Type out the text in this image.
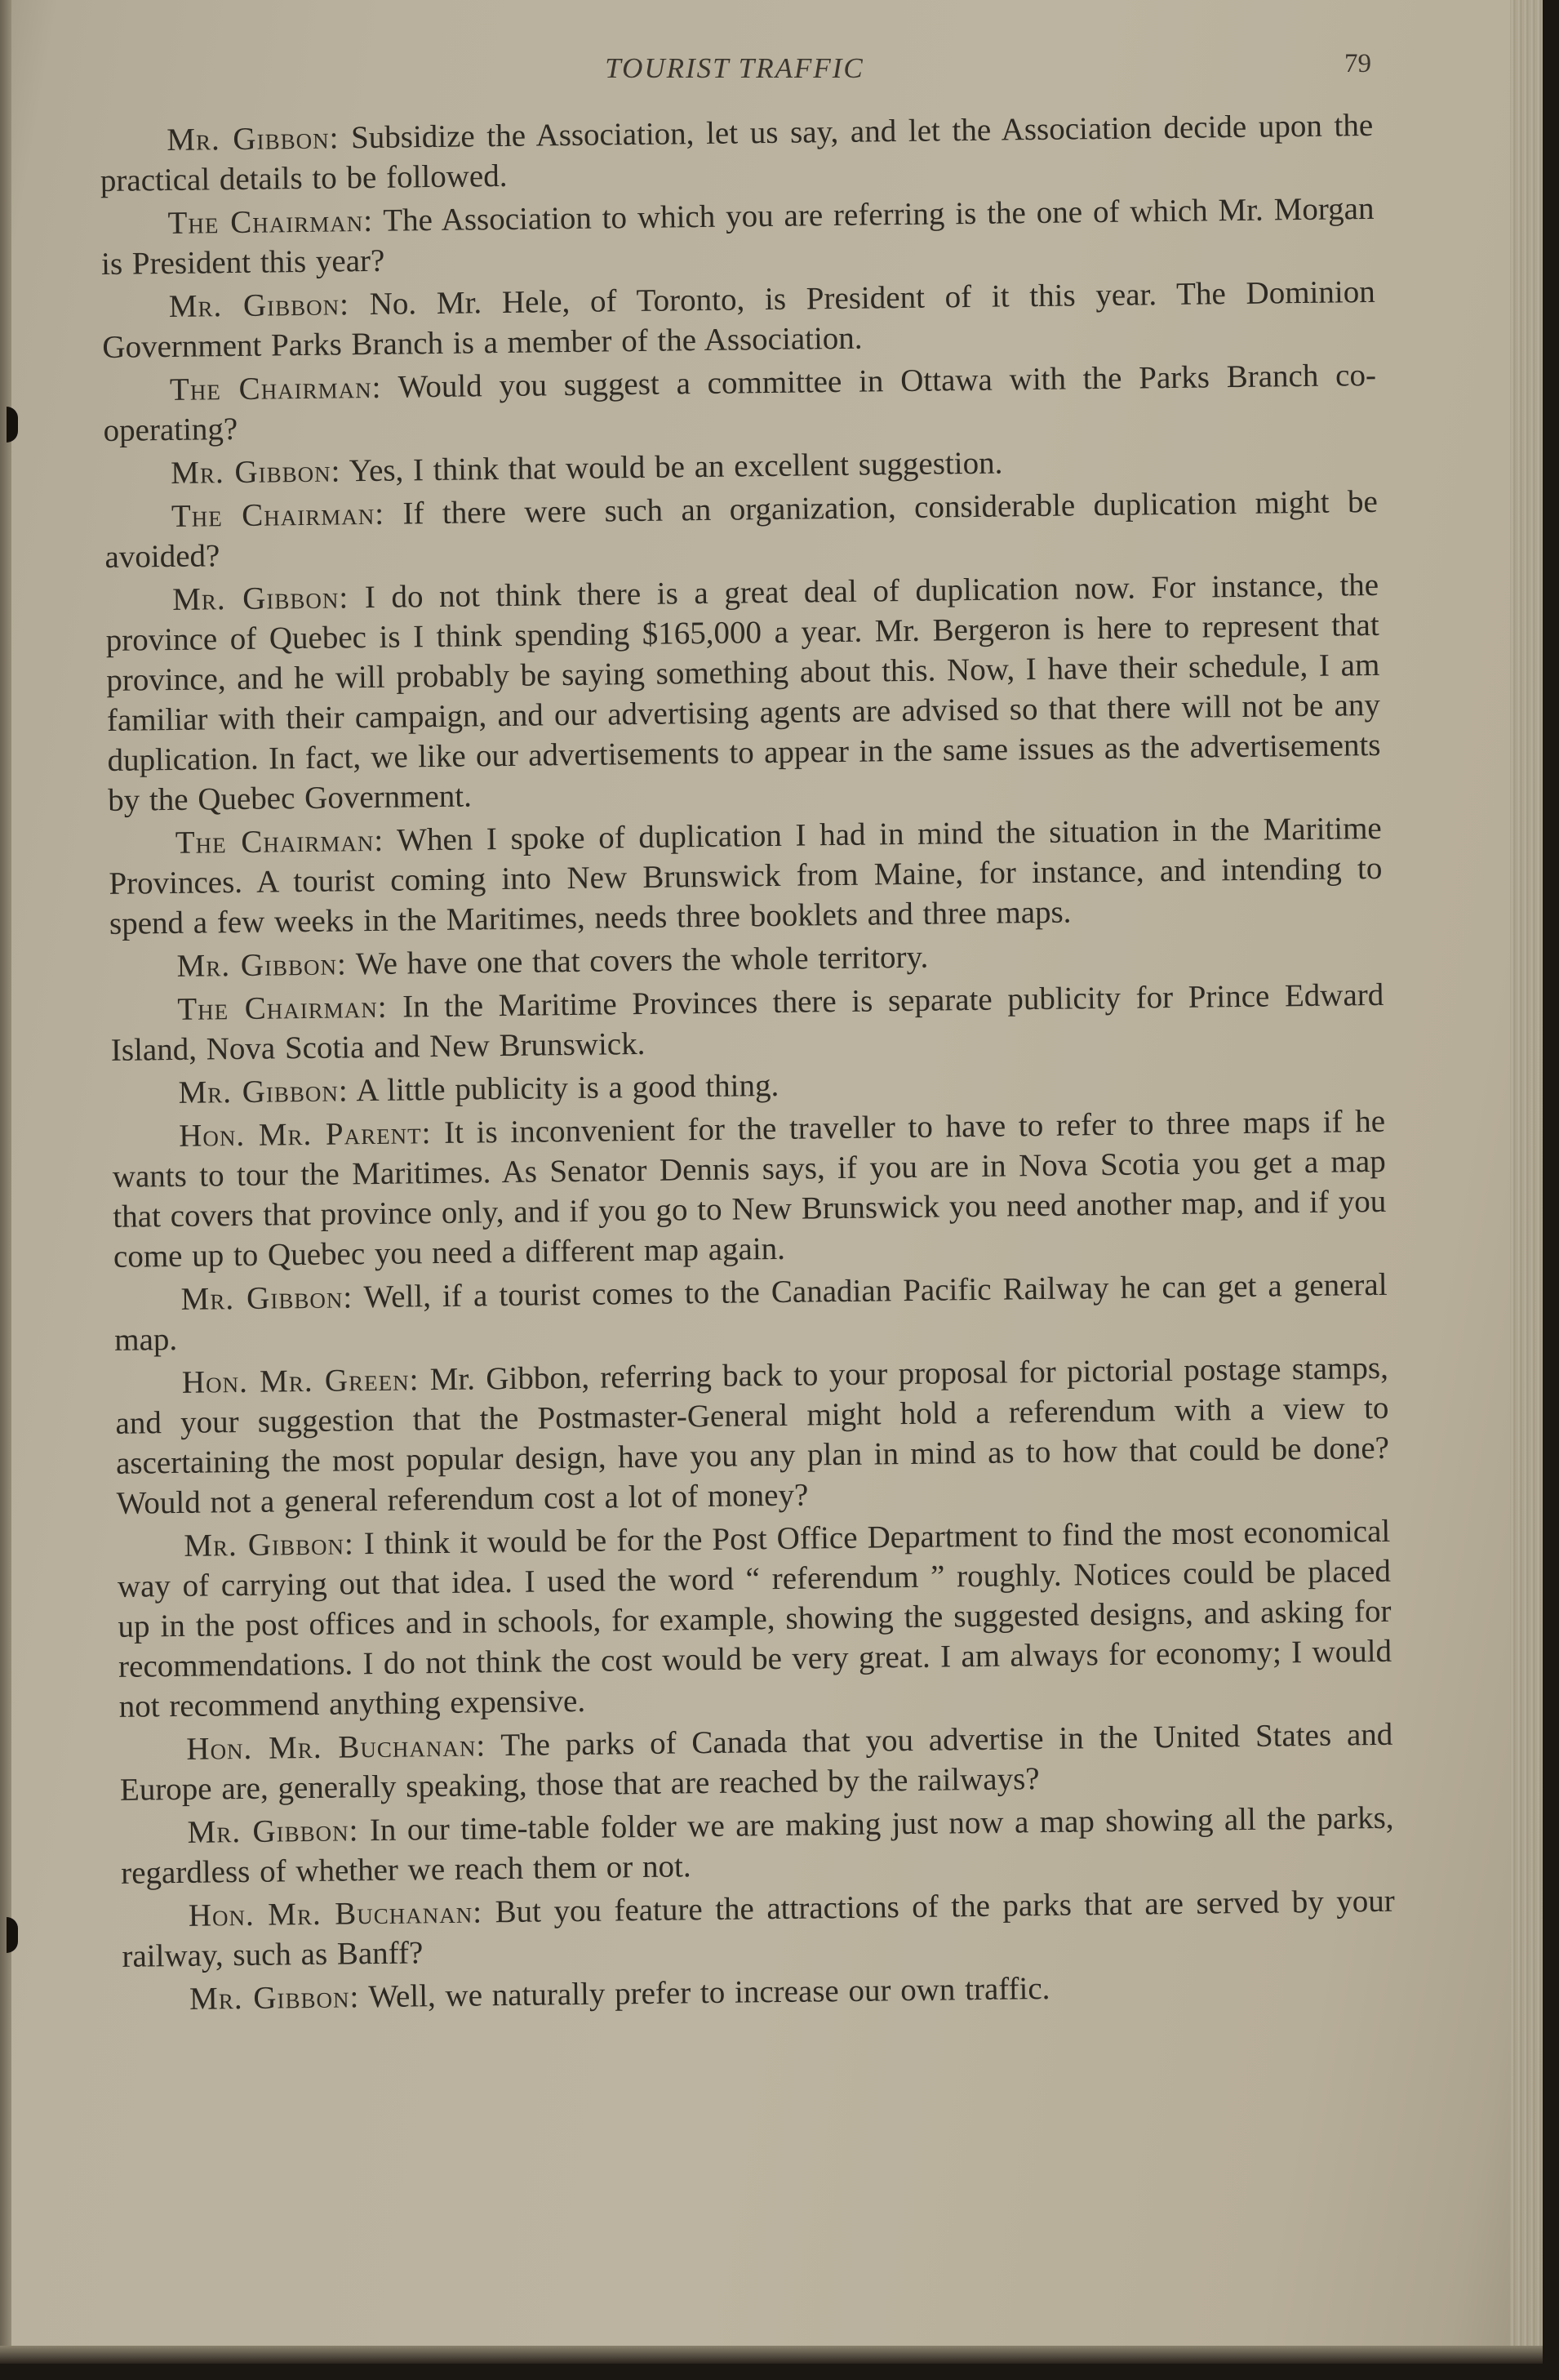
TOURIST TRAFFIC	79

Mr. Gibbon: Subsidize the Association, let us say, and let the Association decide upon the practical details to be followed.

The Chairman: The Association to which you are referring is the one of which Mr. Morgan is President this year?

Mr. Gibbon: No. Mr. Hele, of Toronto, is President of it this year. The Dominion Government Parks Branch is a member of the Association.

The Chairman: Would you suggest a committee in Ottawa with the Parks Branch co-operating?

Mr. Gibbon: Yes, I think that would be an excellent suggestion.

The Chairman: If there were such an organization, considerable duplication might be avoided?

Mr. Gibbon: I do not think there is a great deal of duplication now. For instance, the province of Quebec is I think spending $165,000 a year. Mr. Bergeron is here to represent that province, and he will probably be saying something about this. Now, I have their schedule, I am familiar with their campaign, and our advertising agents are advised so that there will not be any duplication. In fact, we like our advertisements to appear in the same issues as the advertisements by the Quebec Government.

The Chairman: When I spoke of duplication I had in mind the situation in the Maritime Provinces. A tourist coming into New Brunswick from Maine, for instance, and intending to spend a few weeks in the Maritimes, needs three booklets and three maps.

Mr. Gibbon: We have one that covers the whole territory.

The Chairman: In the Maritime Provinces there is separate publicity for Prince Edward Island, Nova Scotia and New Brunswick.

Mr. Gibbon: A little publicity is a good thing.

Hon. Mr. Parent: It is inconvenient for the traveller to have to refer to three maps if he wants to tour the Maritimes. As Senator Dennis says, if you are in Nova Scotia you get a map that covers that province only, and if you go to New Brunswick you need another map, and if you come up to Quebec you need a different map again.

Mr. Gibbon: Well, if a tourist comes to the Canadian Pacific Railway he can get a general map.

Hon. Mr. Green: Mr. Gibbon, referring back to your proposal for pictorial postage stamps, and your suggestion that the Postmaster-General might hold a referendum with a view to ascertaining the most popular design, have you any plan in mind as to how that could be done? Would not a general referendum cost a lot of money?

Mr. Gibbon: I think it would be for the Post Office Department to find the most economical way of carrying out that idea. I used the word “ referendum ” roughly. Notices could be placed up in the post offices and in schools, for example, showing the suggested designs, and asking for recommendations. I do not think the cost would be very great. I am always for economy; I would not recommend anything expensive.

Hon. Mr. Buchanan: The parks of Canada that you advertise in the United States and Europe are, generally speaking, those that are reached by the railways?

Mr. Gibbon: In our time-table folder we are making just now a map showing all the parks, regardless of whether we reach them or not.

Hon. Mr. Buchanan: But you feature the attractions of the parks that are served by your railway, such as Banff?

Mr. Gibbon: Well, we naturally prefer to increase our own traffic.
